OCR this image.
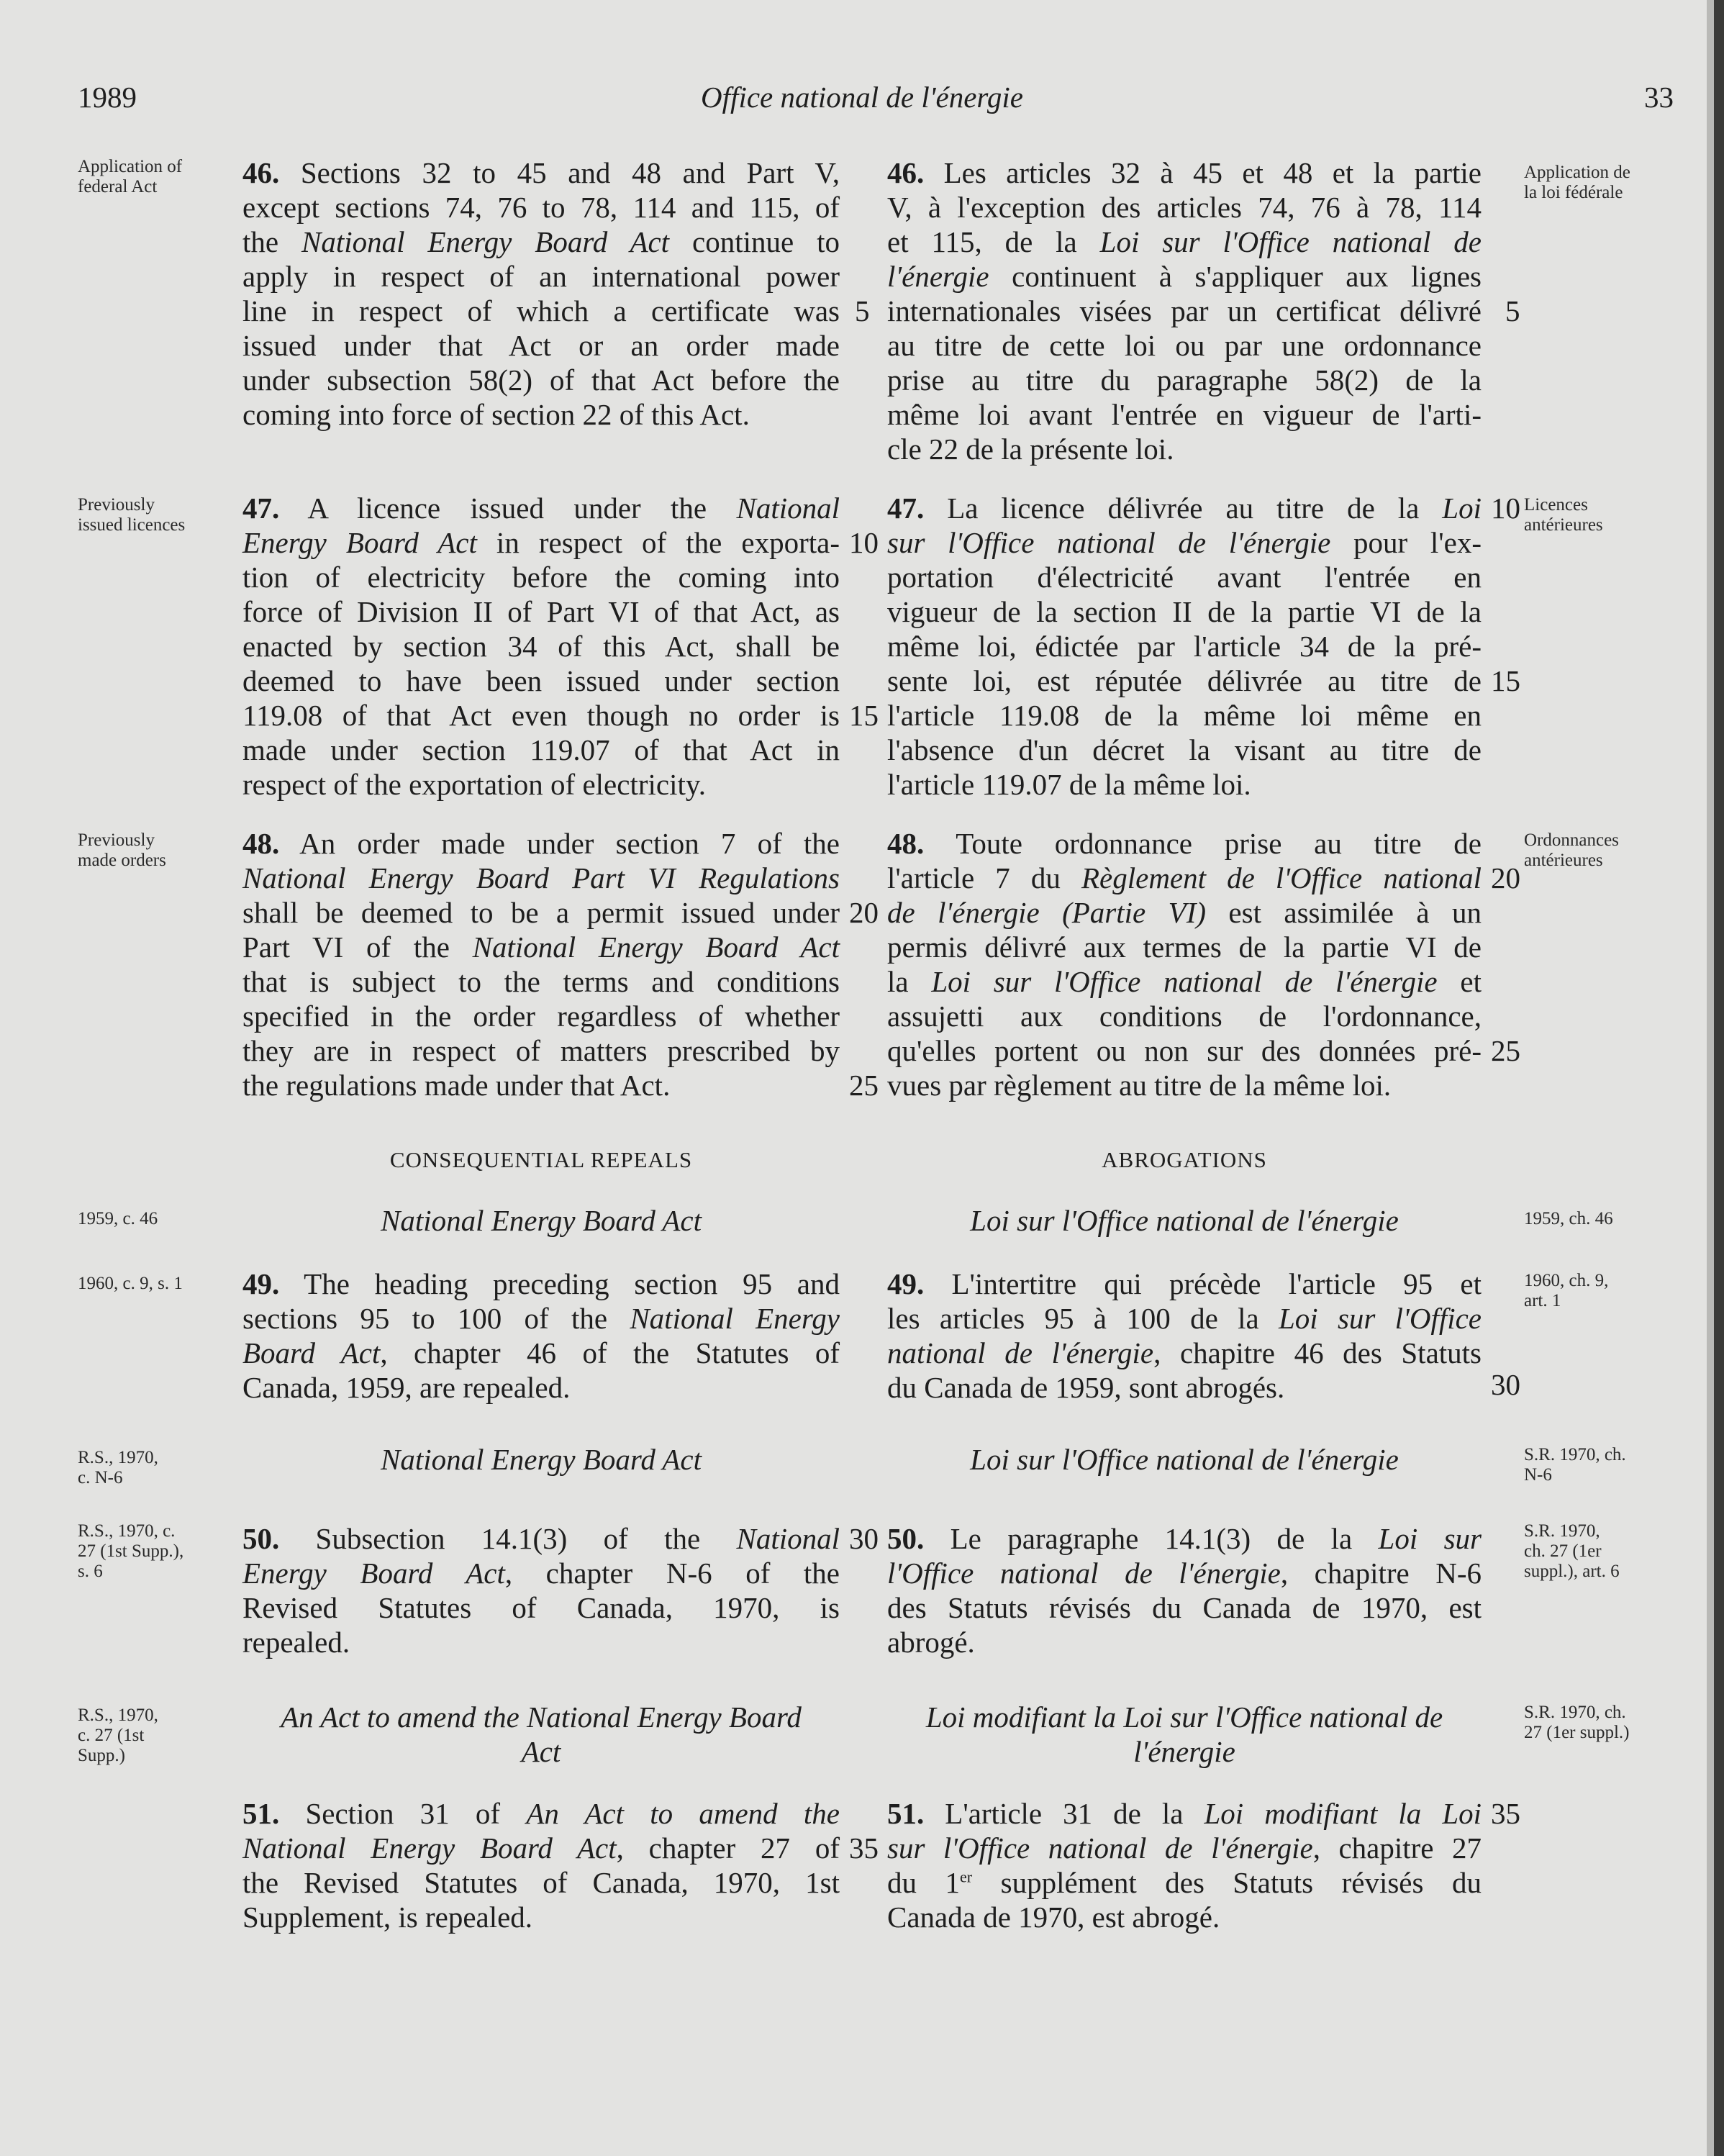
1989	Office national de l'énergie	33
Application of
federal Act
Application de
la loi fédérale
Previously
issued licences
Licences
antérieures
Previously
made orders
Ordonnances
antérieures
1959, c. 46	1959, ch. 46
1960, c. 9, s. 1	1960, ch. 9,
art. 1
R.S., 1970,
c. N-6
S.R. 1970, ch.
N-6
R.S., 1970, c.
27 (1st Supp.),
s. 6
S.R. 1970,
ch. 27 (1er
suppl.), art. 6
R.S., 1970,
c. 27 (1st
Supp.)
S.R. 1970, ch.
27 (1er suppl.)
46. Sections 32 to 45 and 48 and Part V,
except sections 74, 76 to 78, 114 and 115, of
the National Energy Board Act continue to
apply in respect of an international power
line in respect of which a certificate was
issued under that Act or an order made
under subsection 58(2) of that Act before the
coming into force of section 22 of this Act.
46. Les articles 32 à 45 et 48 et la partie
V, à l'exception des articles 74, 76 à 78, 114
et 115, de la Loi sur l'Office national de
l'énergie continuent à s'appliquer aux lignes
internationales visées par un certificat délivré
au titre de cette loi ou par une ordonnance
prise au titre du paragraphe 58(2) de la
même loi avant l'entrée en vigueur de l'arti-
cle 22 de la présente loi.
47. A licence issued under the National
Energy Board Act in respect of the exporta-
tion of electricity before the coming into
force of Division II of Part VI of that Act, as
enacted by section 34 of this Act, shall be
deemed to have been issued under section
119.08 of that Act even though no order is
made under section 119.07 of that Act in
respect of the exportation of electricity.
47. La licence délivrée au titre de la Loi
sur l'Office national de l'énergie pour l'ex-
portation d'électricité avant l'entrée en
vigueur de la section II de la partie VI de la
même loi, édictée par l'article 34 de la pré-
sente loi, est réputée délivrée au titre de
l'article 119.08 de la même loi même en
l'absence d'un décret la visant au titre de
l'article 119.07 de la même loi.
48. An order made under section 7 of the
National Energy Board Part VI Regulations
shall be deemed to be a permit issued under
Part VI of the National Energy Board Act
that is subject to the terms and conditions
specified in the order regardless of whether
they are in respect of matters prescribed by
the regulations made under that Act.
48. Toute ordonnance prise au titre de
l'article 7 du Règlement de l'Office national
de l'énergie (Partie VI) est assimilée à un
permis délivré aux termes de la partie VI de
la Loi sur l'Office national de l'énergie et
assujetti aux conditions de l'ordonnance,
qu'elles portent ou non sur des données pré-
vues par règlement au titre de la même loi.
CONSEQUENTIAL REPEALS	ABROGATIONS
National Energy Board Act	Loi sur l'Office national de l'énergie
49. The heading preceding section 95 and
sections 95 to 100 of the National Energy
Board Act, chapter 46 of the Statutes of
Canada, 1959, are repealed.
49. L'intertitre qui précède l'article 95 et
les articles 95 à 100 de la Loi sur l'Office
national de l'énergie, chapitre 46 des Statuts
du Canada de 1959, sont abrogés.
National Energy Board Act	Loi sur l'Office national de l'énergie
50. Subsection 14.1(3) of the National
Energy Board Act, chapter N-6 of the
Revised Statutes of Canada, 1970, is
repealed.
50. Le paragraphe 14.1(3) de la Loi sur
l'Office national de l'énergie, chapitre N-6
des Statuts révisés du Canada de 1970, est
abrogé.
An Act to amend the National Energy Board
Act
Loi modifiant la Loi sur l'Office national de
l'énergie
51. Section 31 of An Act to amend the
National Energy Board Act, chapter 27 of
the Revised Statutes of Canada, 1970, 1st
Supplement, is repealed.
51. L'article 31 de la Loi modifiant la Loi
sur l'Office national de l'énergie, chapitre 27
du 1er supplément des Statuts révisés du
Canada de 1970, est abrogé.
5	5
10
10
15
15
20
20
25
25
30
30
35
35
